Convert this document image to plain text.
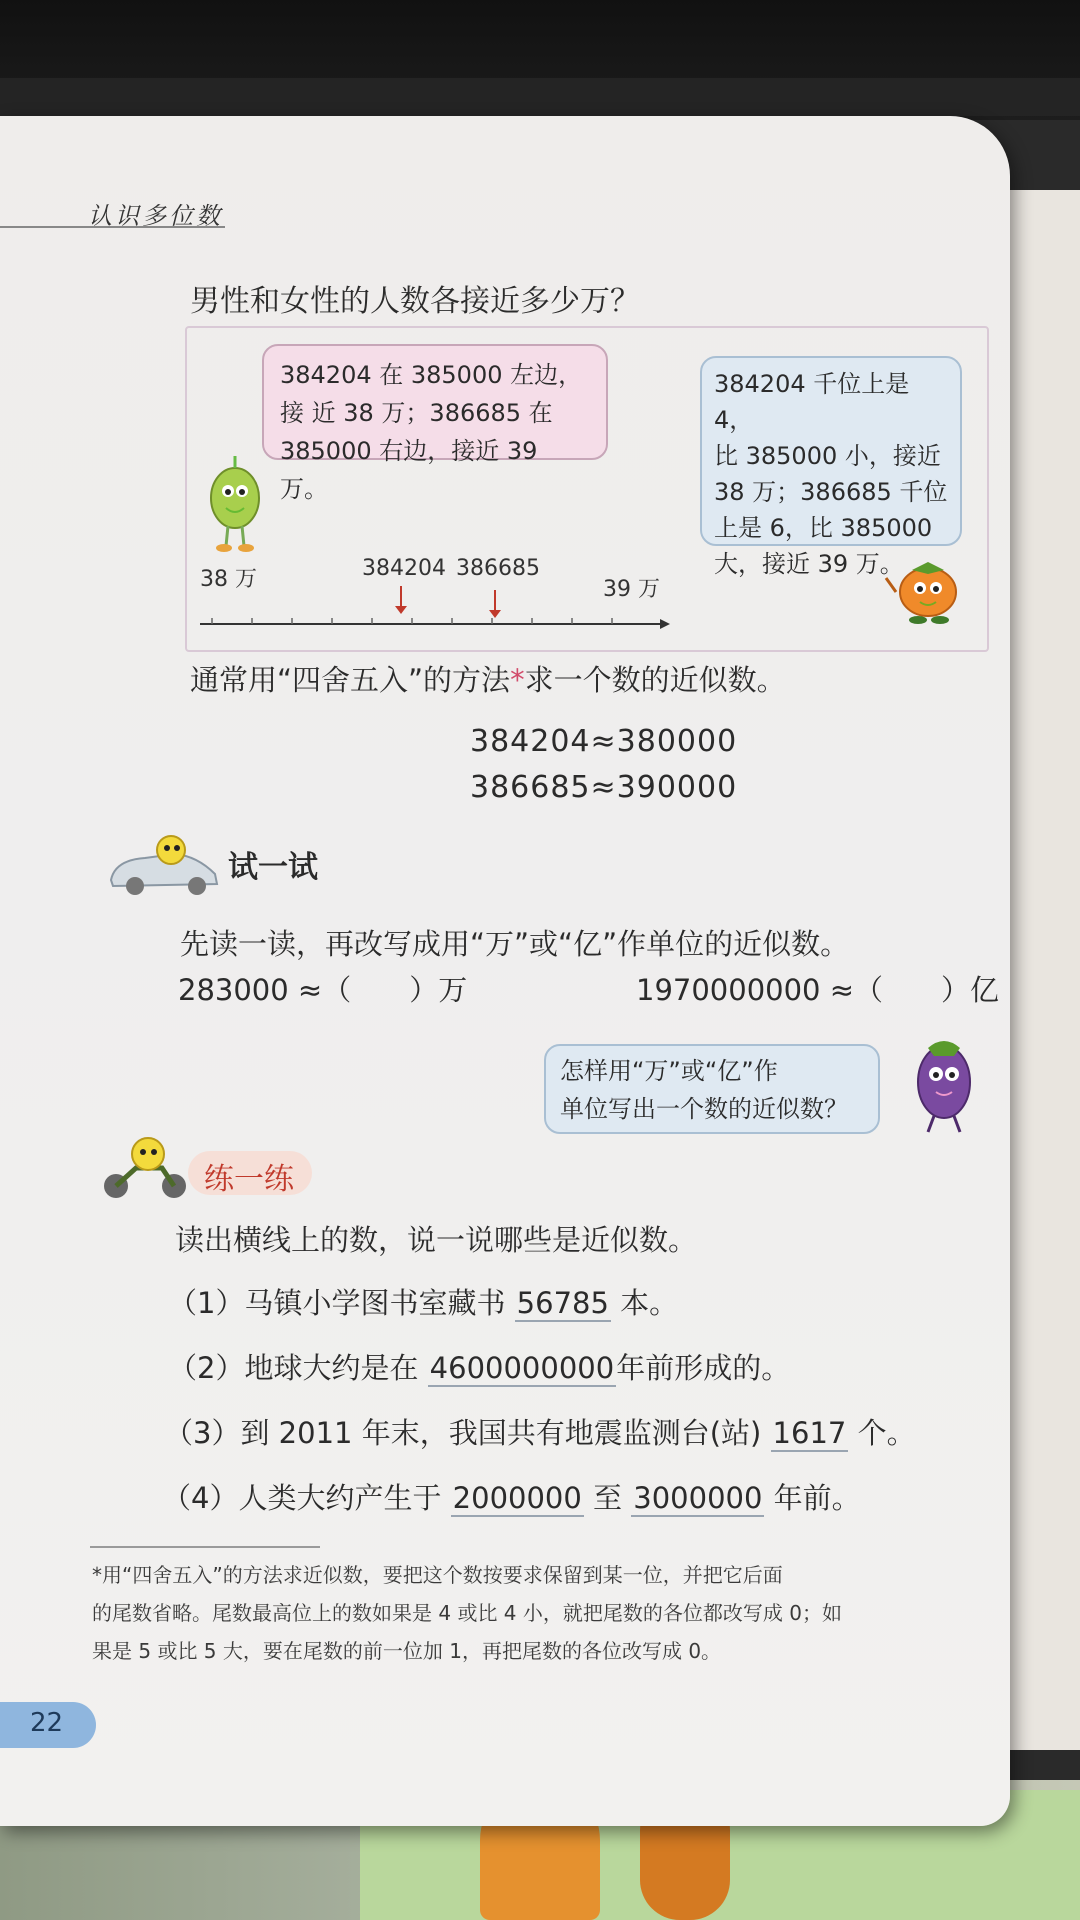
认识多位数
男性和女性的人数各接近多少万？

384204 在 385000 左边，

接 近 38 万；386685 在

385000 右边，接近 39 万。

384204 千位上是 4，

比 385000 小，接近

38 万；386685 千位

上是 6，比 385000

大，接近 39 万。

38 万	384204 386685
39 万
通常用“四舍五入”的方法*求一个数的近似数。
384204≈380000
386685≈390000
试一试
先读一读，再改写成用“万”或“亿”作单位的近似数。
283000 ≈（　　）万	1970000000 ≈（　　）亿
怎样用“万”或“亿”作
单位写出一个数的近似数？
练一练
读出横线上的数，说一说哪些是近似数。
（1）马镇小学图书室藏书 56785 本。
（2）地球大约是在 4600000000年前形成的。
（3）到 2011 年末，我国共有地震监测台(站) 1617 个。
（4）人类大约产生于 2000000 至 3000000 年前。
*用“四舍五入”的方法求近似数，要把这个数按要求保留到某一位，并把它后面
的尾数省略。尾数最高位上的数如果是 4 或比 4 小，就把尾数的各位都改写成 0；如
果是 5 或比 5 大，要在尾数的前一位加 1，再把尾数的各位改写成 0。
22
